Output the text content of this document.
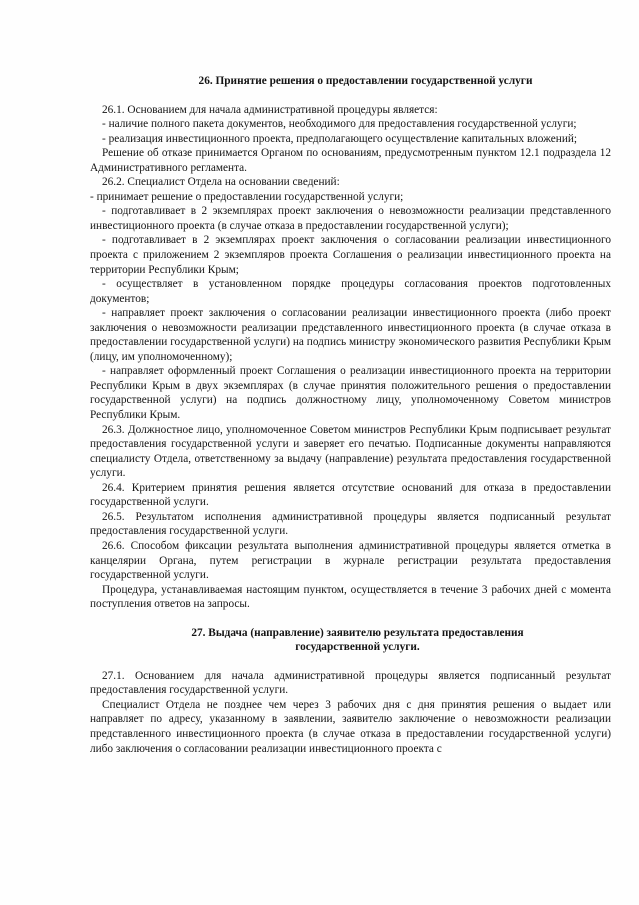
26. Принятие решения о предоставлении государственной услуги

26.1. Основанием для начала административной процедуры является:

- наличие полного пакета документов, необходимого для предоставления государственной услуги;

- реализация инвестиционного проекта, предполагающего осуществление капитальных вложений;

Решение об отказе принимается Органом по основаниям, предусмотренным пунктом 12.1 подраздела 12 Административного регламента.

26.2. Специалист Отдела на основании сведений:

- принимает решение о предоставлении государственной услуги;

- подготавливает в 2 экземплярах проект заключения о невозможности реализации представленного инвестиционного проекта (в случае отказа в предоставлении государственной услуги);

- подготавливает в 2 экземплярах проект заключения о согласовании реализации инвестиционного проекта с приложением 2 экземпляров проекта Соглашения о реализации инвестиционного проекта на территории Республики Крым;

- осуществляет в установленном порядке процедуры согласования проектов подготовленных документов;

- направляет проект заключения о согласовании реализации инвестиционного проекта (либо проект заключения о невозможности реализации представленного инвестиционного проекта (в случае отказа в предоставлении государственной услуги) на подпись министру экономического развития Республики Крым (лицу, им уполномоченному);

- направляет оформленный проект Соглашения о реализации инвестиционного проекта на территории Республики Крым в двух экземплярах (в случае принятия положительного решения о предоставлении государственной услуги) на подпись должностному лицу, уполномоченному Советом министров Республики Крым.

26.3. Должностное лицо, уполномоченное Советом министров Республики Крым подписывает результат предоставления государственной услуги и заверяет его печатью. Подписанные документы направляются специалисту Отдела, ответственному за выдачу (направление) результата предоставления государственной услуги.

26.4. Критерием принятия решения является отсутствие оснований для отказа в предоставлении государственной услуги.

26.5. Результатом исполнения административной процедуры является подписанный результат предоставления государственной услуги.

26.6. Способом фиксации результата выполнения административной процедуры является отметка в канцелярии Органа, путем регистрации в журнале регистрации результата предоставления государственной услуги.

Процедура, устанавливаемая настоящим пунктом, осуществляется в течение 3 рабочих дней с момента поступления ответов на запросы.

27. Выдача (направление) заявителю результата предоставления
государственной услуги.

27.1. Основанием для начала административной процедуры является подписанный результат предоставления государственной услуги.

Специалист Отдела не позднее чем через 3 рабочих дня с дня принятия решения о выдает или направляет по адресу, указанному в заявлении, заявителю заключение о невозможности реализации представленного инвестиционного проекта (в случае отказа в предоставлении государственной услуги) либо заключения о согласовании реализации инвестиционного проекта с
